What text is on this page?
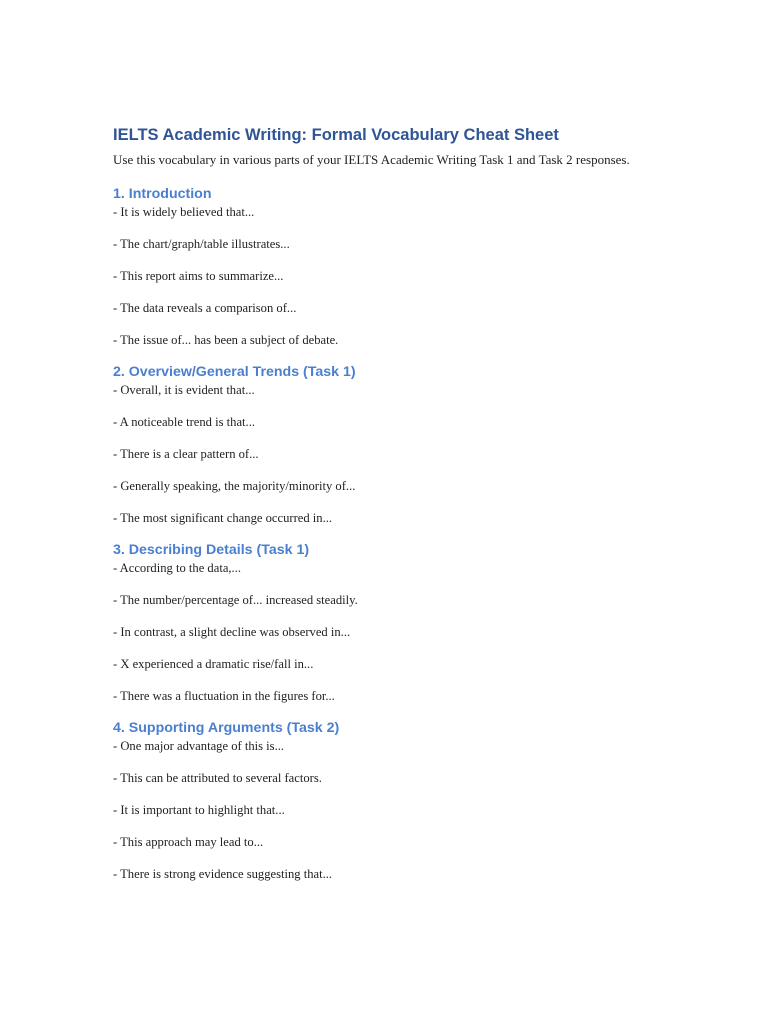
IELTS Academic Writing: Formal Vocabulary Cheat Sheet

Use this vocabulary in various parts of your IELTS Academic Writing Task 1 and Task 2 responses.

1. Introduction
- It is widely believed that...
- The chart/graph/table illustrates...
- This report aims to summarize...
- The data reveals a comparison of...
- The issue of... has been a subject of debate.
2. Overview/General Trends (Task 1)
- Overall, it is evident that...
- A noticeable trend is that...
- There is a clear pattern of...
- Generally speaking, the majority/minority of...
- The most significant change occurred in...
3. Describing Details (Task 1)
- According to the data,...
- The number/percentage of... increased steadily.
- In contrast, a slight decline was observed in...
- X experienced a dramatic rise/fall in...
- There was a fluctuation in the figures for...
4. Supporting Arguments (Task 2)
- One major advantage of this is...
- This can be attributed to several factors.
- It is important to highlight that...
- This approach may lead to...
- There is strong evidence suggesting that...
